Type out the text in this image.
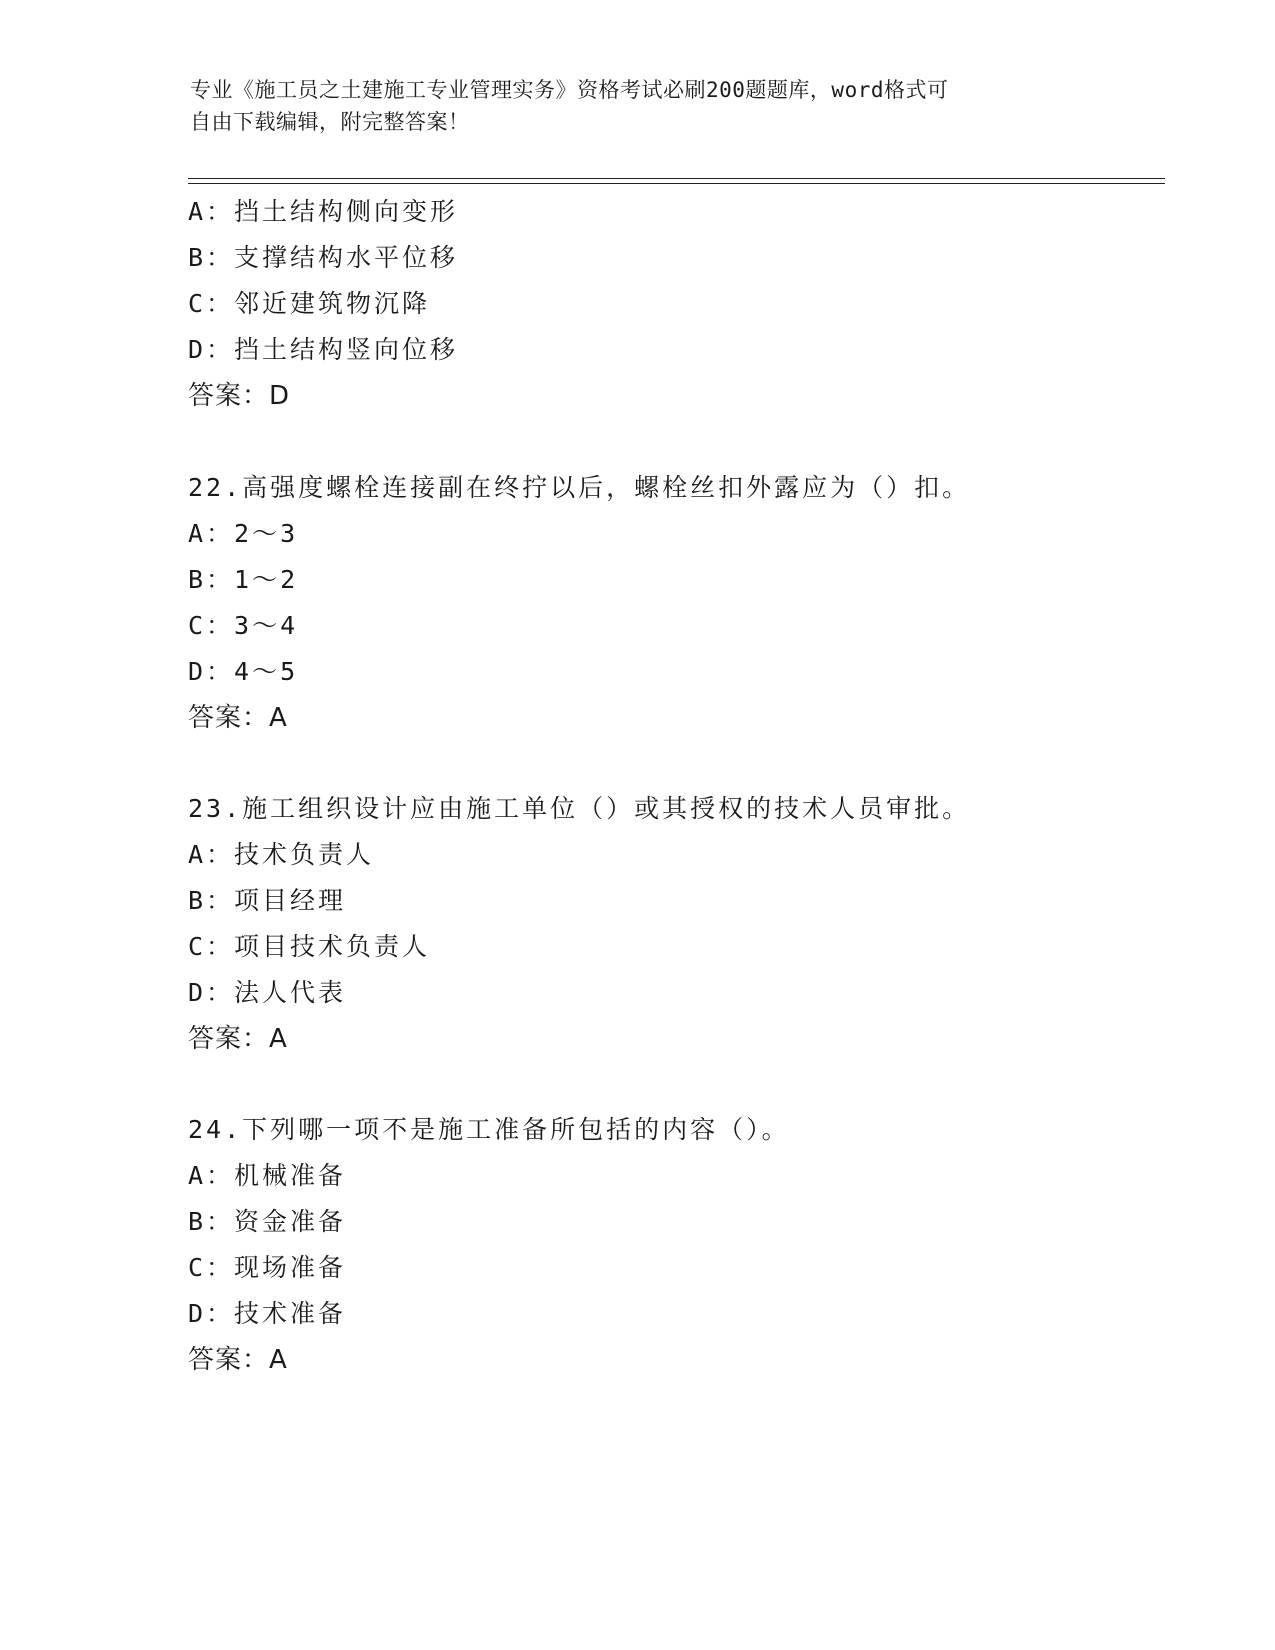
专业《施工员之土建施工专业管理实务》资格考试必刷200题题库，word格式可
自由下载编辑，附完整答案！
A：挡土结构侧向变形
B：支撑结构水平位移
C：邻近建筑物沉降
D：挡土结构竖向位移
答案：D
22.高强度螺栓连接副在终拧以后，螺栓丝扣外露应为（）扣。
A：2～3
B：1～2
C：3～4
D：4～5
答案：A
23.施工组织设计应由施工单位（）或其授权的技术人员审批。
A：技术负责人
B：项目经理
C：项目技术负责人
D：法人代表
答案：A
24.下列哪一项不是施工准备所包括的内容（）。
A：机械准备
B：资金准备
C：现场准备
D：技术准备
答案：A
